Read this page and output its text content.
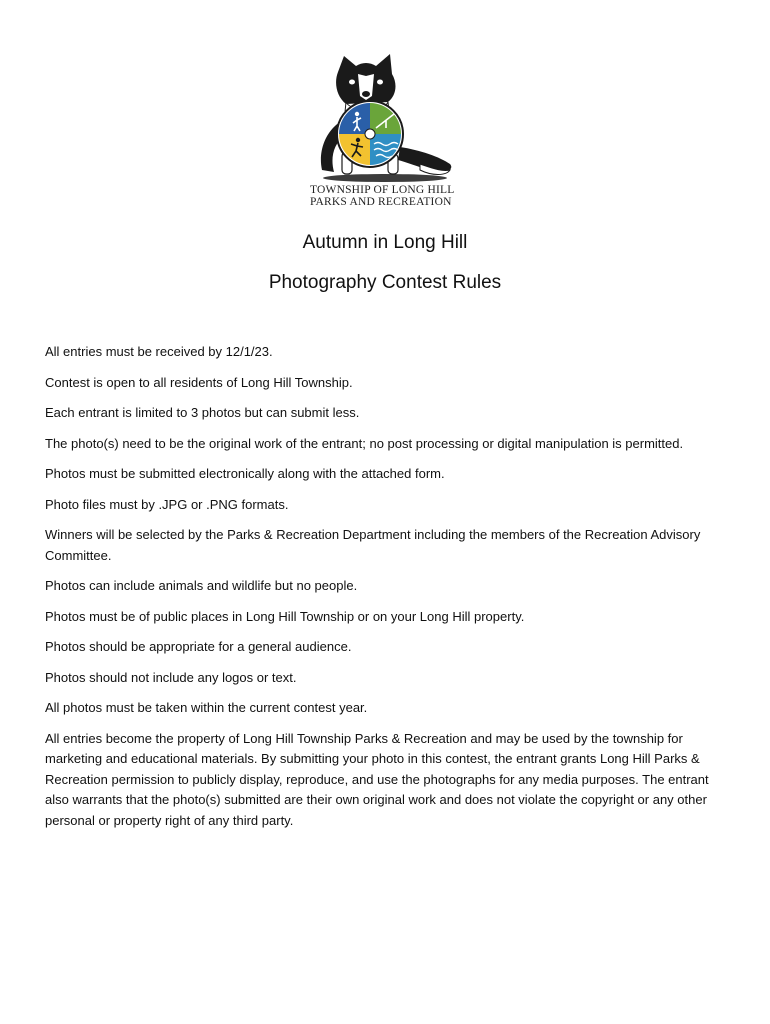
TOWNSHIP OF LONG HILL
PARKS AND RECREATION
Autumn in Long Hill
Photography Contest Rules

All entries must be received by 12/1/23.

Contest is open to all residents of Long Hill Township.

Each entrant is limited to 3 photos but can submit less.

The photo(s) need to be the original work of the entrant; no post processing or digital manipulation is permitted.

Photos must be submitted electronically along with the attached form.

Photo files must by .JPG or .PNG formats.

Winners will be selected by the Parks & Recreation Department including the members of the Recreation Advisory Committee.

Photos can include animals and wildlife but no people.

Photos must be of public places in Long Hill Township or on your Long Hill property.

Photos should be appropriate for a general audience.

Photos should not include any logos or text.

All photos must be taken within the current contest year.

All entries become the property of Long Hill Township Parks & Recreation and may be used by the township for marketing and educational materials. By submitting your photo in this contest, the entrant grants Long Hill Parks & Recreation permission to publicly display, reproduce, and use the photographs for any media purposes. The entrant also warrants that the photo(s) submitted are their own original work and does not violate the copyright or any other personal or property right of any third party.
